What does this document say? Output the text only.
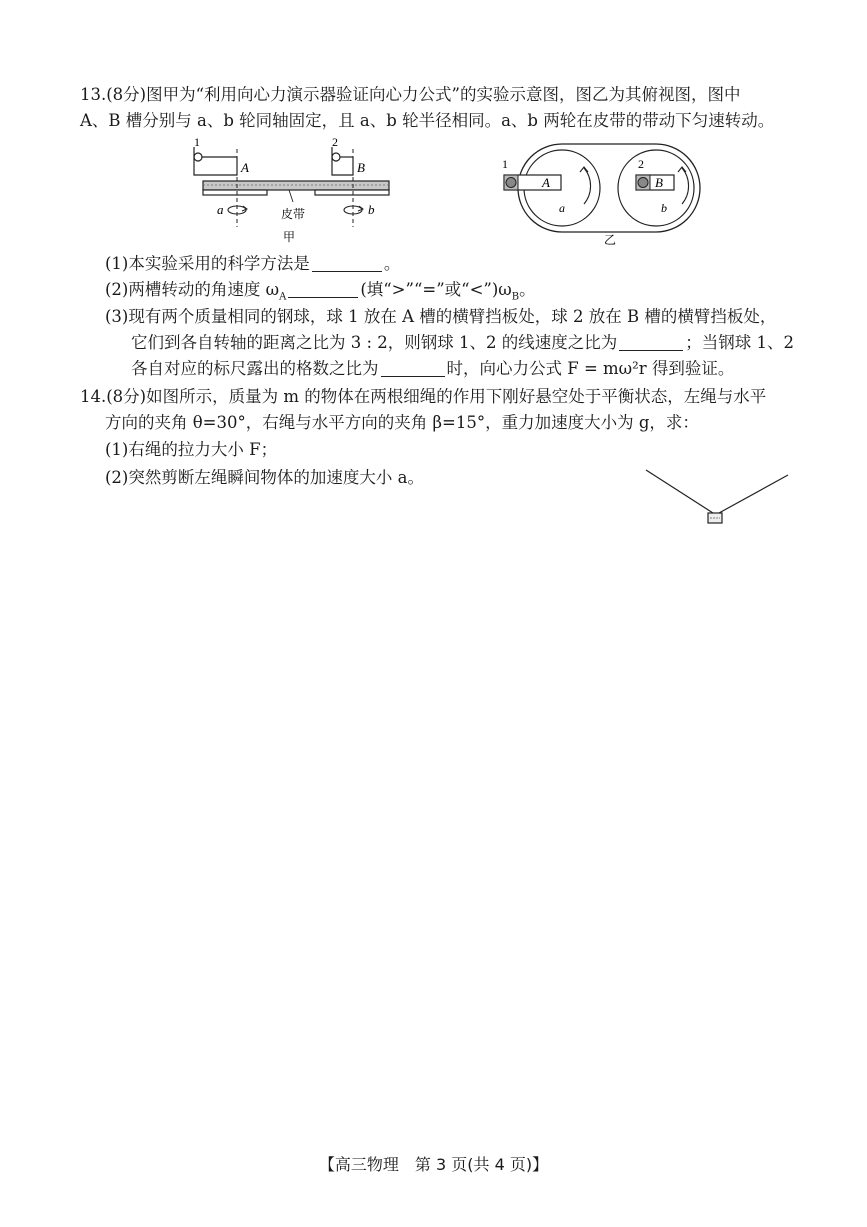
13.(8分)图甲为“利用向心力演示器验证向心力公式”的实验示意图，图乙为其俯视图，图中
A、B 槽分别与 a、b 轮同轴固定，且 a、b 轮半径相同。a、b 两轮在皮带的带动下匀速转动。
1	2
A	B
a	b
皮带
甲
1	2
A	B
a	b
乙
(1)本实验采用的科学方法是	。
(2)两槽转动的角速度 $\omega_A$	(填“>”“=”或“$<”)\omega_B$。
(3)现有两个质量相同的钢球，球 1 放在 A 槽的横臂挡板处，球 2 放在 B 槽的横臂挡板处，
它们到各自转轴的距离之比为 3 : 2，则钢球 1、2 的线速度之比为	；当钢球 1、2
各自对应的标尺露出的格数之比为	时，向心力公式 F = mω²r 得到验证。
14.(8分)如图所示，质量为 m 的物体在两根细绳的作用下刚好悬空处于平衡状态，左绳与水平
方向的夹角 θ=30°，右绳与水平方向的夹角 β=15°，重力加速度大小为 g，求：
(1)右绳的拉力大小 F；
(2)突然剪断左绳瞬间物体的加速度大小 a。
【高三物理　第 3 页(共 4 页)】
